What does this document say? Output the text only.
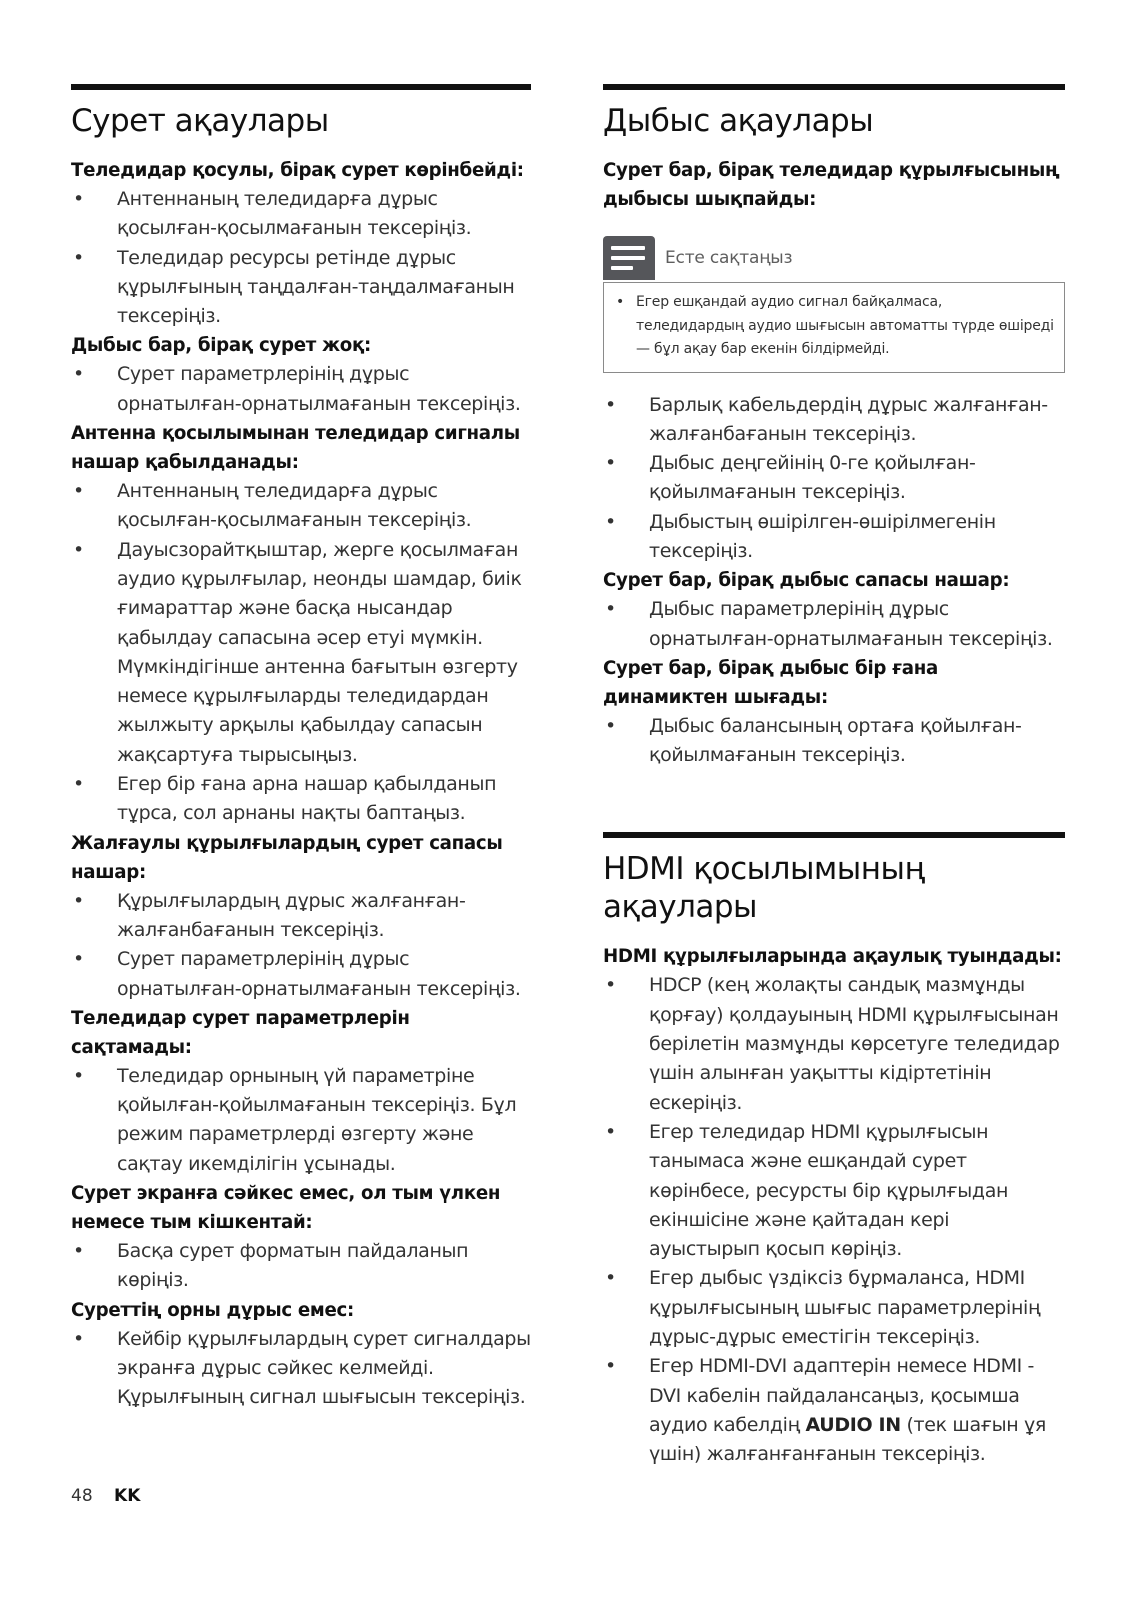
Сурет ақаулары
Теледидар қосулы, бірақ сурет көрінбейді:
• Антеннаның теледидарға дұрыс қосылған-қосылмағанын тексеріңіз.
• Теледидар ресурсы ретінде дұрыс құрылғының таңдалған-таңдалмағанын тексеріңіз.
Дыбыс бар, бірақ сурет жоқ:
• Сурет параметрлерінің дұрыс орнатылған-орнатылмағанын тексеріңіз.
Антенна қосылымынан теледидар сигналы нашар қабылданады:
• Антеннаның теледидарға дұрыс қосылған-қосылмағанын тексеріңіз.
• Дауысзорайтқыштар, жерге қосылмаған аудио құрылғылар, неонды шамдар, биік ғимараттар және басқа нысандар қабылдау сапасына әсер етуі мүмкін. Мүмкіндігінше антенна бағытын өзгерту немесе құрылғыларды теледидардан жылжыту арқылы қабылдау сапасын жақсартуға тырысыңыз.
• Егер бір ғана арна нашар қабылданып тұрса, сол арнаны нақты баптаңыз.
Жалғаулы құрылғылардың сурет сапасы нашар:
• Құрылғылардың дұрыс жалғанған-жалғанбағанын тексеріңіз.
• Сурет параметрлерінің дұрыс орнатылған-орнатылмағанын тексеріңіз.
Теледидар сурет параметрлерін сақтамады:
• Теледидар орнының үй параметріне қойылған-қойылмағанын тексеріңіз. Бұл режим параметрлерді өзгерту және сақтау икемділігін ұсынады.
Сурет экранға сәйкес емес, ол тым үлкен немесе тым кішкентай:
• Басқа сурет форматын пайдаланып көріңіз.
Суреттің орны дұрыс емес:
• Кейбір құрылғылардың сурет сигналдары экранға дұрыс сәйкес келмейді. Құрылғының сигнал шығысын тексеріңіз.
Дыбыс ақаулары
Сурет бар, бірақ теледидар құрылғысының дыбысы шықпайды:
Есте сақтаңыз
• Егер ешқандай аудио сигнал байқалмаса, теледидардың аудио шығысын автоматты түрде өшіреді — бұл ақау бар екенін білдірмейді.
• Барлық кабельдердің дұрыс жалғанған-жалғанбағанын тексеріңіз.
• Дыбыс деңгейінің 0-ге қойылған-қойылмағанын тексеріңіз.
• Дыбыстың өшірілген-өшірілмегенін тексеріңіз.
Сурет бар, бірақ дыбыс сапасы нашар:
• Дыбыс параметрлерінің дұрыс орнатылған-орнатылмағанын тексеріңіз.
Сурет бар, бірақ дыбыс бір ғана динамиктен шығады:
• Дыбыс балансының ортаға қойылған-қойылмағанын тексеріңіз.
HDMI қосылымының ақаулары
HDMI құрылғыларында ақаулық туындады:
• HDCP (кең жолақты сандық мазмұнды қорғау) қолдауының HDMI құрылғысынан берілетін мазмұнды көрсетуге теледидар үшін алынған уақытты кідіртетінін ескеріңіз.
• Егер теледидар HDMI құрылғысын танымаса және ешқандай сурет көрінбесе, ресурсты бір құрылғыдан екіншісіне және қайтадан кері ауыстырып қосып көріңіз.
• Егер дыбыс үздіксіз бұрмаланса, HDMI құрылғысының шығыс параметрлерінің дұрыс-дұрыс еместігін тексеріңіз.
• Егер HDMI-DVI адаптерін немесе HDMI - DVI кабелін пайдалансаңыз, қосымша аудио кабелдің AUDIO IN (тек шағын ұя үшін) жалғанғанғанын тексеріңіз.
48 KK
